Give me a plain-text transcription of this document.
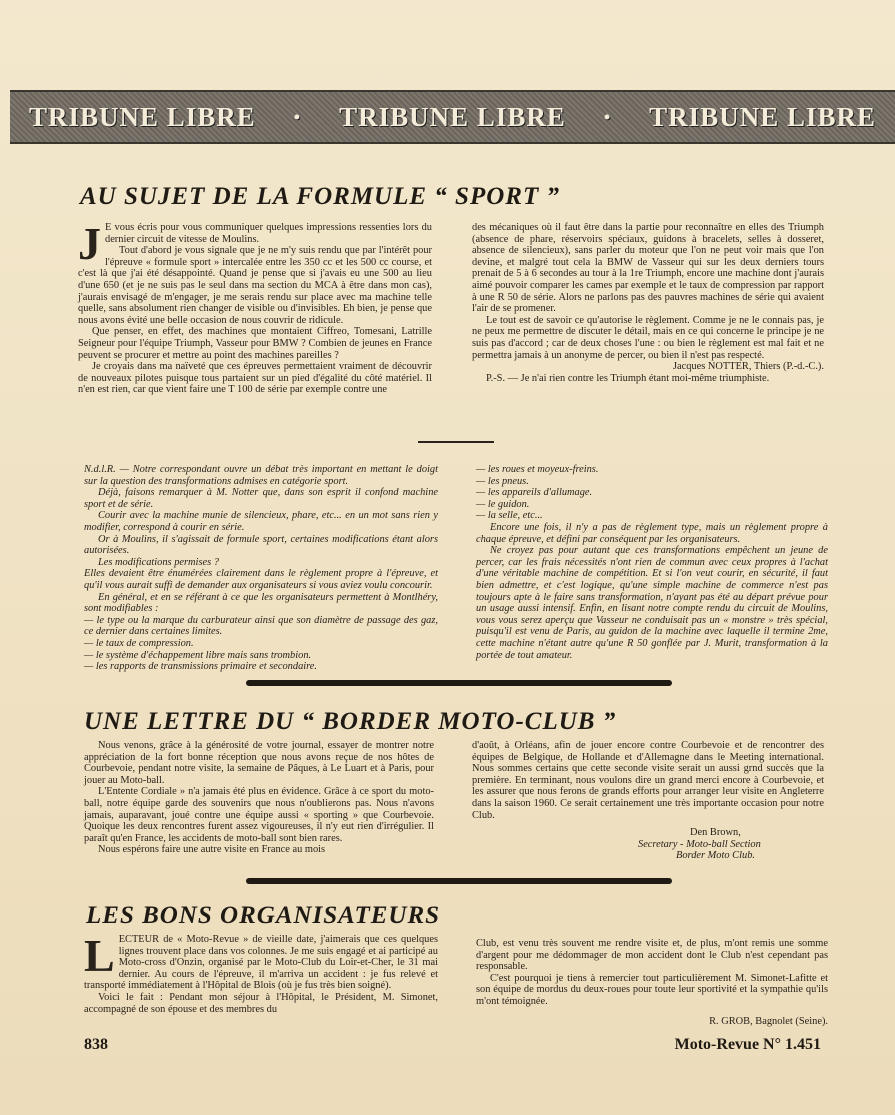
TRIBUNE LIBRE • TRIBUNE LIBRE • TRIBUNE LIBRE
AU SUJET DE LA FORMULE “ SPORT ”

J E vous écris pour vous communiquer quelques impressions ressenties lors du dernier circuit de vitesse de Moulins.

Tout d'abord je vous signale que je ne m'y suis rendu que par l'intérêt pour l'épreuve « formule sport » intercalée entre les 350 cc et les 500 cc course, et c'est là que j'ai été désappointé. Quand je pense que si j'avais eu une 500 au lieu d'une 650 (et je ne suis pas le seul dans ma section du MCA à être dans mon cas), j'aurais envisagé de m'engager, je me serais rendu sur place avec ma machine telle quelle, sans absolument rien changer de visible ou d'invisibles. Eh bien, je pense que nous avons évité une belle occasion de nous couvrir de ridicule.

Que penser, en effet, des machines que montaient Ciffreo, Tomesani, Latrille Seigneur pour l'équipe Triumph, Vasseur pour BMW ? Combien de jeunes en France peuvent se procurer et mettre au point des machines pareilles ?

Je croyais dans ma naïveté que ces épreuves permettaient vraiment de découvrir de nouveaux pilotes puisque tous partaient sur un pied d'égalité du côté matériel. Il n'en est rien, car que vient faire une T 100 de série par exemple contre une

des mécaniques où il faut être dans la partie pour reconnaître en elles des Triumph (absence de phare, réservoirs spéciaux, guidons à bracelets, selles à dosseret, absence de silencieux), sans parler du moteur que l'on ne peut voir mais que l'on devine, et malgré tout cela la BMW de Vasseur qui sur les deux derniers tours prenait de 5 à 6 secondes au tour à la 1re Triumph, encore une machine dont j'aurais aimé pouvoir comparer les cames par exemple et le taux de compression par rapport à une R 50 de série. Alors ne parlons pas des pauvres machines de série qui avaient l'air de se promener.

Le tout est de savoir ce qu'autorise le règlement. Comme je ne le connais pas, je ne peux me permettre de discuter le détail, mais en ce qui concerne le principe je ne suis pas d'accord ; car de deux choses l'une : ou bien le règlement est mal fait et ne permettra jamais à un anonyme de percer, ou bien il n'est pas respecté.

Jacques NOTTER, Thiers (P.-d.-C.).

P.-S. — Je n'ai rien contre les Triumph étant moi-même triumphiste.

N.d.l.R. — Notre correspondant ouvre un débat très important en mettant le doigt sur la question des transformations admises en catégorie sport.

Déjà, faisons remarquer à M. Notter que, dans son esprit il confond machine sport et de série.

Courir avec la machine munie de silencieux, phare, etc... en un mot sans rien y modifier, correspond à courir en série.

Or à Moulins, il s'agissait de formule sport, certaines modifications étant alors autorisées.

Les modifications permises ?

Elles devaient être énumérées clairement dans le règlement propre à l'épreuve, et qu'il vous aurait suffi de demander aux organisateurs si vous aviez voulu concourir.

En général, et en se référant à ce que les organisateurs permettent à Montlhéry, sont modifiables :

— le type ou la marque du carburateur ainsi que son diamètre de passage des gaz, ce dernier dans certaines limites.

— le taux de compression.

— le système d'échappement libre mais sans trombion.

— les rapports de transmissions primaire et secondaire.

— les roues et moyeux-freins.

— les pneus.

— les appareils d'allumage.

— le guidon.

— la selle, etc...

Encore une fois, il n'y a pas de règlement type, mais un règlement propre à chaque épreuve, et défini par conséquent par les organisateurs.

Ne croyez pas pour autant que ces transformations empêchent un jeune de percer, car les frais nécessités n'ont rien de commun avec ceux propres à l'achat d'une véritable machine de compétition. Et si l'on veut courir, en sécurité, il faut bien admettre, et c'est logique, qu'une simple machine de commerce n'est pas toujours apte à le faire sans transformation, n'ayant pas été au départ prévue pour un usage aussi intensif. Enfin, en lisant notre compte rendu du circuit de Moulins, vous vous serez aperçu que Vasseur ne conduisait pas un « monstre » très spécial, puisqu'il est venu de Paris, au guidon de la machine avec laquelle il termine 2me, cette machine n'étant autre qu'une R 50 gonflée par J. Murit, transformation à la portée de tout amateur.

UNE LETTRE DU “ BORDER MOTO-CLUB ”

Nous venons, grâce à la générosité de votre journal, essayer de montrer notre appréciation de la fort bonne réception que nous avons reçue de nos hôtes de Courbevoie, pendant notre visite, la semaine de Pâques, à Le Luart et à Paris, pour jouer au Moto-ball.

L'Entente Cordiale » n'a jamais été plus en évidence. Grâce à ce sport du moto-ball, notre équipe garde des souvenirs que nous n'oublierons pas. Nous n'avons jamais, auparavant, joué contre une équipe aussi « sporting » que Courbevoie. Quoique les deux rencontres furent assez vigoureuses, il n'y eut rien d'irrégulier. Il paraît qu'en France, les accidents de moto-ball sont bien rares.

Nous espérons faire une autre visite en France au mois

d'août, à Orléans, afin de jouer encore contre Courbevoie et de rencontrer des équipes de Belgique, de Hollande et d'Allemagne dans le Meeting international. Nous sommes certains que cette seconde visite serait un aussi grnd succès que la première. En terminant, nous voulons dire un grand merci encore à Courbevoie, et les assurer que nous ferons de grands efforts pour arranger leur visite en Angleterre dans la saison 1960. Ce serait certainement une très importante occasion pour notre Club.

Den Brown,
Secretary - Moto-ball Section
Border Moto Club.
LES BONS ORGANISATEURS

LECTEUR de « Moto-Revue » de vieille date, j'aimerais que ces quelques lignes trouvent place dans vos colonnes. Je me suis engagé et ai participé au Moto-cross d'Onzin, organisé par le Moto-Club du Loir-et-Cher, le 31 mai dernier. Au cours de l'épreuve, il m'arriva un accident : je fus relevé et transporté immédiatement à l'Hôpital de Blois (où je fus très bien soigné).

Voici le fait : Pendant mon séjour à l'Hôpital, le Président, M. Simonet, accompagné de son épouse et des membres du

Club, est venu très souvent me rendre visite et, de plus, m'ont remis une somme d'argent pour me dédommager de mon accident dont le Club n'est cependant pas responsable.

C'est pourquoi je tiens à remercier tout particulièrement M. Simonet-Lafitte et son équipe de mordus du deux-roues pour toute leur sportivité et la sympathie qu'ils m'ont témoignée.

R. GROB, Bagnolet (Seine).

838	Moto-Revue N° 1.451
